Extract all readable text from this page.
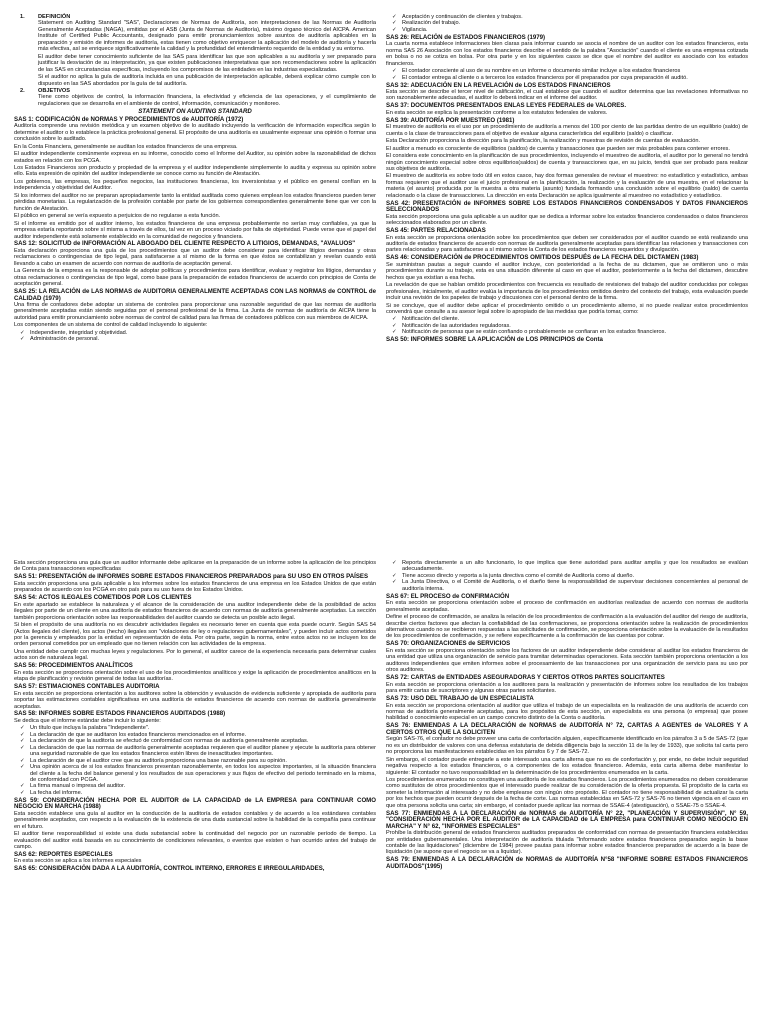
1.	DEFINICIÓN

Statement on Auditing Standard "SAS", Declaraciones de Normas de Auditoría, son interpretaciones de las Normas de Auditoría Generalmente Aceptadas (NAGA), emitidas por el ASB (Junta de Normas de Auditoría), máximo órgano técnico del AICPA. American Institute of Certified Public Accountants, designado para emitir pronunciamientos sobre asuntos de auditoría aplicables en la preparación y emisión de informes de auditoría, estas tienen como objetivo enriquecer la aplicación del modelo de auditoría y hacerla más efectiva, así se enriquece significativamente la calidad y la profundidad del entendimiento requerido de la entidad y su entorno.

El auditor debe tener conocimiento suficiente de las SAS para identificar las que son aplicables a su auditoría y ser preparado para justificar la desviación de su interpretación, ya que existen publicaciones interpretativas que son recomendaciones sobre la aplicación de las SAS en circunstancias específicas, incluyendo los compromisos de las entidades en las industrias especializadas.

Si el auditor no aplica la guía de auditoría incluida en una publicación de interpretación aplicable, deberá explicar cómo cumple con lo dispuesto en las SAS abordados por la guía de tal auditoría.

2.	OBJETIVOS

Tiene como objetivos de control, la información financiera, la efectividad y eficiencia de las operaciones, y el cumplimiento de regulaciones que se desarrolla en el ambiente de control, información, comunicación y monitoreo.

STATEMENT ON AUDITING STANDARD

SAS 1: CODIFICACIÓN de NORMAS Y PROCEDIMIENTOS de AUDITORÍA (1972)

Auditoría comprende una revisión metódica y un examen objetivo de lo auditado incluyendo la verificación de información específica según lo determine el auditor o lo establece la práctica profesional general. El propósito de una auditoría es usualmente expresar una opinión o formar una conclusión sobre lo auditado.

En la Conta Financiera, generalmente se auditan los estados financieros de una empresa.

El auditor independiente comúnmente expresa en su informe, conocido como el Informe del Auditor, su opinión sobre la razonabilidad de dichos estados en relación con los PCGA.

Los Estados Financieros son producto y propiedad de la empresa y el auditor independiente simplemente lo audita y expresa su opinión sobre ello. Esta expresión de opinión del auditor independiente se conoce como su función de Atestación.

Los gobiernos, las empresas, los pequeños negocios, las instituciones financieras, los inversionistas y el público en general confían en la independencia y objetividad del Auditor.

Si los informes del auditor no se preparan apropiadamente tanto la entidad auditada como quienes emplean los estados financieros pueden tener pérdidas monetarias. La regularización de la profesión contable por parte de los gobiernos correspondientes generalmente tiene que ver con la función de Atestación.

El público en general se vería expuesto a perjuicios de no regularse a esta función.

Si el informe es emitido por el auditor interno, los estados financieros de una empresa probablemente no serían muy confiables, ya que la empresa estaría reportando sobre sí misma a través de ellos, tal vez en un proceso viciado por falta de objetividad. Puede verse que el papel del auditor independiente está solamente establecido en la comunidad de negocios y financiera.

SAS 12: SOLICITUD de INFORMACIÓN AL ABOGADO DEL CLIENTE RESPECTO A LITIGIOS, DEMANDAS, "AVALUOS"

Esta declaración proporciona una guía de los procedimientos que un auditor debe considerar para identificar litigios demandas y otras reclamaciones o contingencias de tipo legal, para satisfacerse a sí mismo de la forma en que éstos se contabilizan y revelan cuando está llevando a cabo un examen de acuerdo con normas de auditoría de aceptación general.

La Gerencia de la empresa es la responsable de adoptar políticas y procedimientos para identificar, evaluar y registrar los litigios, demandas y otras reclamaciones o contingencias de tipo legal, como base para la preparación de estados financieros de acuerdo con principios de Conta de aceptación general.

SAS 25: LA RELACIÓN de LAS NORMAS de AUDITORIA GENERALMENTE ACEPTADAS CON LAS NORMAS de CONTROL de CALIDAD (1979)

Una firma de contadores debe adoptar un sistema de controles para proporcionar una razonable seguridad de que las normas de auditoría generalmente aceptadas están siendo seguidas por el personal profesional de la firma. La Junta de normas de auditoría de AICPA tiene la autoridad para emitir pronunciamiento sobre normas de control de calidad para las firmas de contadores públicos con sus miembros de AICPA.

Los componentes de un sistema de control de calidad incluyendo lo siguiente:

✓ Independiente, integridad y objetividad.
✓ Administración de personal.
✓ Aceptación y continuación de clientes y trabajos.
✓ Realización del trabajo.
✓ Vigilancia.
SAS 26: RELACIÓN de ESTADOS FINANCIEROS (1979)

La cuarta norma establece informaciones bien claras para informar cuando se asocia el nombre de un auditor con los estados financieros, esta norma SAS 26 Asociación con los estados financieros describe el sentido de la palabra "Asociación" cuando el cliente es una empresa cotizada en bolsa o no se cotiza en bolsa. Por otra parte y en los siguientes casos se dice que el nombre del auditor es asociado con los estados financieros.

✓ El contador consciente al uso de su nombre en un informe o documento similar incluye a los estados financieros
✓ El contador entrega al cliente o a terceros los estados financieros por él preparados por cuya preparación él auditó.
SAS 32: ADECUACIÓN EN LA REVELACIÓN de LOS ESTADOS FINANCIEROS

Esta sección se describe el tercer nivel de calificación, el cual establece que cuando el auditor determina que las revelaciones informativas no son razonablemente adecuadas, el auditor lo deberá indicar en el informe del auditor.

SAS 37: DOCUMENTOS PRESENTADOS ENLAS LEYES FEDERALES de VALORES.

En esta sección se explica la presentación conforme a los estatutos federales de valores.

SAS 39: AUDITORÍA POR MUESTREO (1981)

El muestreo de auditoría es el uso por un procedimiento de auditoría a menos del 100 por ciento de las partidas dentro de un equilibrio (saldo) de cuenta o la clase de transacciones para el objetivo de evaluar alguna característica del equilibrio (saldo) o clasificar.

Esta Declaración proporciona la dirección para la planificación, la realización y muestras de revisión de cuentas de evaluación.

El auditor a menudo es consciente de equilibrios (saldos) de cuenta y transacciones que pueden ser más probables para contener errores.

El considera este conocimiento en la planificación de sus procedimientos, incluyendo el muestreo de auditoría, el auditor por lo general no tendrá ningún conocimiento especial sobre otros equilibrios(saldos) de cuenta y transacciones que, en su juicio, tendrá que ser probado para realizar sus objetivos de auditoría.

El muestreo de auditoría es sobre todo útil en estos casos, hay dos formas generales de revisar el muestreo: no estadístico y estadístico, ambas formas requieren que el auditor use el juicio profesional en la planificación, la realización y la evaluación de una muestra, en el relacionar la materia (el asunto) producida por la muestra a otra materia (asunto) fundada formando una conclusión sobre el equilibrio (saldo) de cuenta relacionado o la clase de transacciones. La dirección en esta Declaración se aplica igualmente al muestreo no estadístico y estadístico.

SAS 42: PRESENTACIÓN de INFORMES SOBRE LOS ESTADOS FINANCIEROS CONDENSADOS Y DATOS FINANCIEROS SELECCIONADOS

Esta sección proporciona una guía aplicable a un auditor que se dedica a informar sobre los estados financieros condensados o datos financieros seleccionados elaborados por un cliente.

SAS 45: PARTES RELACIONADAS

En esta sección se proporciona orientación sobre los procedimientos que deben ser considerados por el auditor cuando se está realizando una auditoría de estados financieros de acuerdo con normas de auditoría generalmente aceptadas para identificar las relaciones y transacciones con partes relacionadas y para satisfacerse a sí mismo sobre la Conta de los estados financieros requeridos y divulgación.

SAS 46: CONSIDERACIÓN de PROCEDIMIENTOS OMITIDOS DESPUÉS de LA FECHA DEL DICTAMEN (1983)

Se suministran pautas a seguir cuando el auditor incluye, con posterioridad a la fecha de su dictamen, que se omitieron uno o más procedimientos durante su trabajo, esta es una situación diferente al caso en que el auditor, posteriormente a la fecha del dictamen, descubre hechos que ya existían a esa fecha.

La revelación de que se habían omitido procedimientos con frecuencia es resultado de revisiones del trabajo del auditor conducidas por colegas profesionales, inicialmente, el auditor evalúa la importancia de los procedimientos omitidos dentro del contexto del trabajo, esta evaluación puede incluir una revisión de los papeles de trabajo y discusiones con el personal dentro de la firma.

Si se concluye, que el auditor debe aplicar el procedimiento omitido o un procedimiento alterno, si no puede realizar estos procedimientos convendrá que consulte a su asesor legal sobre lo apropiado de las medidas que podría tomar, como:

✓ Notificación del cliente.
✓ Notificación de las autoridades reguladoras.
✓ Notificación de personas que se están confiando o probablemente se confiaran en los estados financieros.
SAS 50: INFORMES SOBRE LA APLICACIÓN de LOS PRINCIPIOS de Conta

Esta sección proporciona una guía que un auditor informante debe aplicarse en la preparación de un informe sobre la aplicación de los principios de Conta para transacciones especificadas

SAS 51: PRESENTACIÓN de INFORMES SOBRE ESTADOS FINANCIEROS PREPARADOS para SU USO EN OTROS PAÍSES

Esta sección proporciona una guía aplicable a los informes sobre los estados financieros de una empresa en los Estados Unidos de que están preparados de acuerdo con los PCGA en otro país para su uso fuera de los Estados Unidos.

SAS 54: ACTOS ILEGALES COMETIDOS POR LOS CLIENTES

En este apartado se establece la naturaleza y el alcance de la consideración de una auditor independiente debe de la posibilidad de actos ilegales por parte de un cliente en una auditoría de estados financieros de acuerdo con normas de auditoría generalmente aceptadas. La sección también proporciona orientación sobre las responsabilidades del auditor cuando se detecta un posible acto ilegal.

Si bien el propósito de una auditoría no es descubrir actividades ilegales es necesario tener en cuenta que esta puede ocurrir. Según SAS 54 (Actos ilegales del cliente), los actos (hecho) ilegales son "violaciones de ley o regulaciones gubernamentales", y pueden incluir actos cometidos por la gerencia y empleados por la entidad en representación de ésta. Por otra parte, según la norma, entre estos actos no se incluyen los de orden personal cometidos por un empleado que no tienen relación con las actividades de la empresa.

Una entidad debe cumplir con muchas leyes y regulaciones. Por lo general, el auditor carece de la experiencia necesaria para determinar cuales actos son de naturaleza legal.

SAS 56: PROCEDIMIENTOS ANALÍTICOS

En esta sección se proporciona orientación sobre el uso de los procedimientos analíticos y exige la aplicación de procedimientos analíticos en la etapa de planificación y revisión general de todas las auditorías.

SAS 57: ESTIMACIONES CONTABLES AUDITORIA

En esta sección se proporciona orientación a los auditores sobre la obtención y evaluación de evidencia suficiente y apropiada de auditoría para soportar las estimaciones contables significativas en una auditoría de estados financieros de acuerdo con normas de auditoría generalmente aceptadas.

SAS 58: INFORMES SOBRE ESTADOS FINANCIEROS AUDITADOS (1988)

Se dedica que el informe estándar debe incluir lo siguiente:

✓ Un título que incluya la palabra "Independiente".
✓ La declaración de que se auditaron los estados financieros mencionados en el informe.
✓ La declaración de que la auditoría se efectuó de conformidad con normas de auditoría generalmente aceptadas.
✓ La declaración de que las normas de auditoría generalmente aceptadas requieren que el auditor planee y ejecute la auditoría para obtener una seguridad razonable de que los estados financieros estén libres de inexactitudes importantes.
✓ La declaración de que el auditor cree que su auditoría proporciona una base razonable para su opinión.
✓ Una opinión acerca de si los estados financieros presentan razonablemente, en todos los aspectos importantes, si la situación financiera del cliente a la fecha del balance general y los resultados de sus operaciones y sus flujos de efectivo del periodo terminado en la misma, de conformidad con PCGA.
✓ La firma manual o impresa del auditor.
✓ La fecha del informe.
SAS 59: CONSIDERACIÓN HECHA POR EL AUDITOR de LA CAPACIDAD de LA EMPRESA para CONTINUAR COMO NEGOCIO EN MARCHA (1988)

Esta sección establece una guía al auditor en la conducción de la auditoría de estados contables y de acuerdo a los estándares contables generalmente aceptados, con respecto a la evaluación de la existencia de una duda sustancial sobre la habilidad de la compañía para continuar en el futuro.

El auditor tiene responsabilidad si existe una duda substancial sobre la continuidad del negocio por un razonable período de tiempo. La evaluación del auditor está basada en su conocimiento de condiciones relevantes, o eventos que existen o han ocurrido antes del trabajo de campo.

SAS 62: REPORTES ESPECIALES

En esta sección se aplica a los informes especiales

SAS 65: CONSIDERACIÓN DADA A LA AUDITORÍA, CONTROL INTERNO, ERRORES E IRREGULARIDADES,
✓ Reporta directamente a un alto funcionario, lo que implica que tiene autoridad para auditar amplia y que los resultados se evalúan adecuadamente.
✓ Tiene acceso directo y reporta a la junta directiva como el comité de Auditoría como al dueño.
✓ La Junta Directiva, o el Comité de Auditoría, o el dueño tiene la responsabilidad de supervisar decisiones concernientes al personal de auditoría interna.
SAS 67: EL PROCESO de CONFIRMACIÓN

En esta sección se proporciona orientación sobre el proceso de confirmación en auditorías realizadas de acuerdo con normas de auditoría generalmente aceptadas.

Define el proceso de confirmación, se analiza la relación de los procedimientos de confirmación a la evaluación del auditor del riesgo de auditoría, describe ciertos factores que afectan la confiabilidad de las confirmaciones, se proporciona orientación sobre la realización de procedimientos alternativos cuando no se recibieron respuestas a las solicitudes de confirmación, se proporciona orientación sobre la evaluación de la resultados de los procedimientos de confirmación, y se refiere específicamente a la confirmación de las cuentas por cobrar.

SAS 70: ORGANIZACIONES de SERVICIOS

En esta sección se proporciona orientación sobre los factores de un auditor independiente debe considerar al auditar los estados financieros de una entidad que utiliza una organización de servicio para tramitar determinadas operaciones. Esta sección también proporciona orientación a los auditores independientes que emiten informes sobre el procesamiento de las transacciones por una organización de servicio para su uso por otros auditores.

SAS 72: CARTAS de ENTIDADES ASEGURADORAS Y CIERTOS OTROS PARTES SOLICITANTES

En esta sección se proporciona orientación a los auditores para la realización y presentación de informes sobre los resultados de los trabajos para emitir cartas de suscriptores y algunas otras partes solicitantes.

SAS 73: USO DEL TRABAJO de UN ESPECIALISTA

En esta sección se proporciona orientación al auditor que utiliza el trabajo de un especialista en la realización de una auditoría de acuerdo con normas de auditoría generalmente aceptadas, para los propósitos de esta sección, un especialista es una persona (o empresa) que posee habilidad o conocimiento especial en un campo concreto distinto de la Conta o auditoría.

SAS 76: ENMIENDAS A LA DECLARACIÓN de NORMAS de AUDITORÍA N° 72, CARTAS A AGENTES de VALORES Y A CIERTOS OTROS QUE LA SOLICITEN

Según SAS-76, el contador no debe proveer una carta de confortación alguien, específicamente identificado en los párrafos 3 a 5 de SAS-72 (que no es un distribuidor de valores con una defensa estatutaria de debida diligencia bajo la sección 11 de la ley de 1933), que solicita tal carta pero no proporciona las manifestaciones establecidas en los párrafos 6 y 7 de SAS-72.

Sin embargo, el contador puede entregarle a este interesado una carta alterna que no es de confortación y, por ende, no debe incluir seguridad negativa respecto a los estados financieros, o a componentes de los estados financieros. Además, esta carta alterna debe manifestar lo siguiente: El contador no tuvo responsabilidad en la determinación de los procedimientos enumerados en la carta.

Los procedimientos enumerados no constituyen una auditoría de los estados financieros. Los procedimientos enumerados no deben considerarse como sustitutos de otros procedimientos que el interesado puede realizar de su consideración de la oferta propuesta. El propósito de la carta es someter la información al interesado y no debe emplearse con ningún otro propósito. El contador no tiene responsabilidad de actualizar la carta por los hechos que pueden ocurrir después de la fecha de corte. Las normas establecidas en SAS-72 y SAS-76 no tienen vigencia en el caso en que otra persona solicita una carta; sin embargo, el contador puede aplicar las normas de SSAE-4 (atestiguación), o SSAE-75 o SSAE-4.

SAS 77: ENMIENDAS A LA DECLARACIÓN de NORMAS de AUDITORÍA N° 22, "PLANEACIÓN Y SUPERVISIÓN", N° 59, "CONSIDERACIÓN HECHA POR EL AUDITOR de LA CAPACIDAD de LA EMPRESA para CONTINUAR COMO NEGOCIO EN MARCHA" Y N° 62, "INFORMES ESPECIALES"

Prohíbe la distribución general de estados financieros auditados preparados de conformidad con normas de presentación financiera establecidas por entidades gubernamentales. Una interpretación de auditoría titulada "Informando sobre estados financieros preparados según la base contable de las liquidaciones" (diciembre de 1984) provee pautas para informar sobre estados financieros preparados de acuerdo a la base de liquidación (se supone que el negocio se va a liquidar).

SAS 79: ENMIENDAS A LA DECLARACIÓN de NORMAS de AUDITORÍA N°58 "INFORME SOBRE ESTADOS FINANCIEROS AUDITADOS"(1995)
